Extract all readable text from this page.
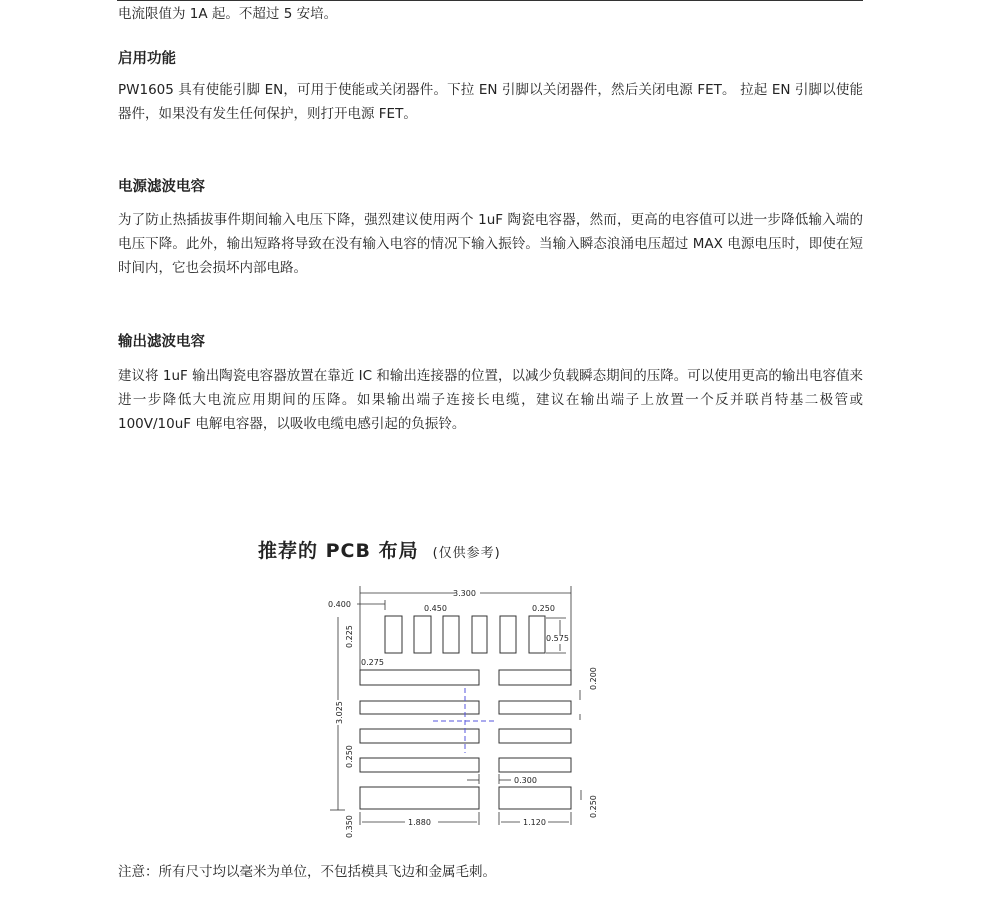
电流限值为 1A 起。不超过 5 安培。
启用功能
PW1605 具有使能引脚 EN，可用于使能或关闭器件。下拉 EN 引脚以关闭器件，然后关闭电源 FET。 拉起 EN 引脚以使能器件，如果没有发生任何保护，则打开电源 FET。
电源滤波电容
为了防止热插拔事件期间输入电压下降，强烈建议使用两个 1uF 陶瓷电容器，然而，更高的电容值可以进一步降低输入端的电压下降。此外，输出短路将导致在没有输入电容的情况下输入振铃。当输入瞬态浪涌电压超过 MAX 电源电压时，即使在短时间内，它也会损坏内部电路。
输出滤波电容
建议将 1uF 输出陶瓷电容器放置在靠近 IC 和输出连接器的位置，以减少负载瞬态期间的压降。可以使用更高的输出电容值来进一步降低大电流应用期间的压降。如果输出端子连接长电缆，建议在输出端子上放置一个反并联肖特基二极管或 100V/10uF 电解电容器，以吸收电缆电感引起的负振铃。
推荐的 PCB 布局 (仅供参考)
3.300
0.400	0.450	0.250
0.575
0.275
0.225
0.200
3.025
0.250
0.300
0.250
0.350	1.880	1.120
注意：所有尺寸均以毫米为单位，不包括模具飞边和金属毛刺。
